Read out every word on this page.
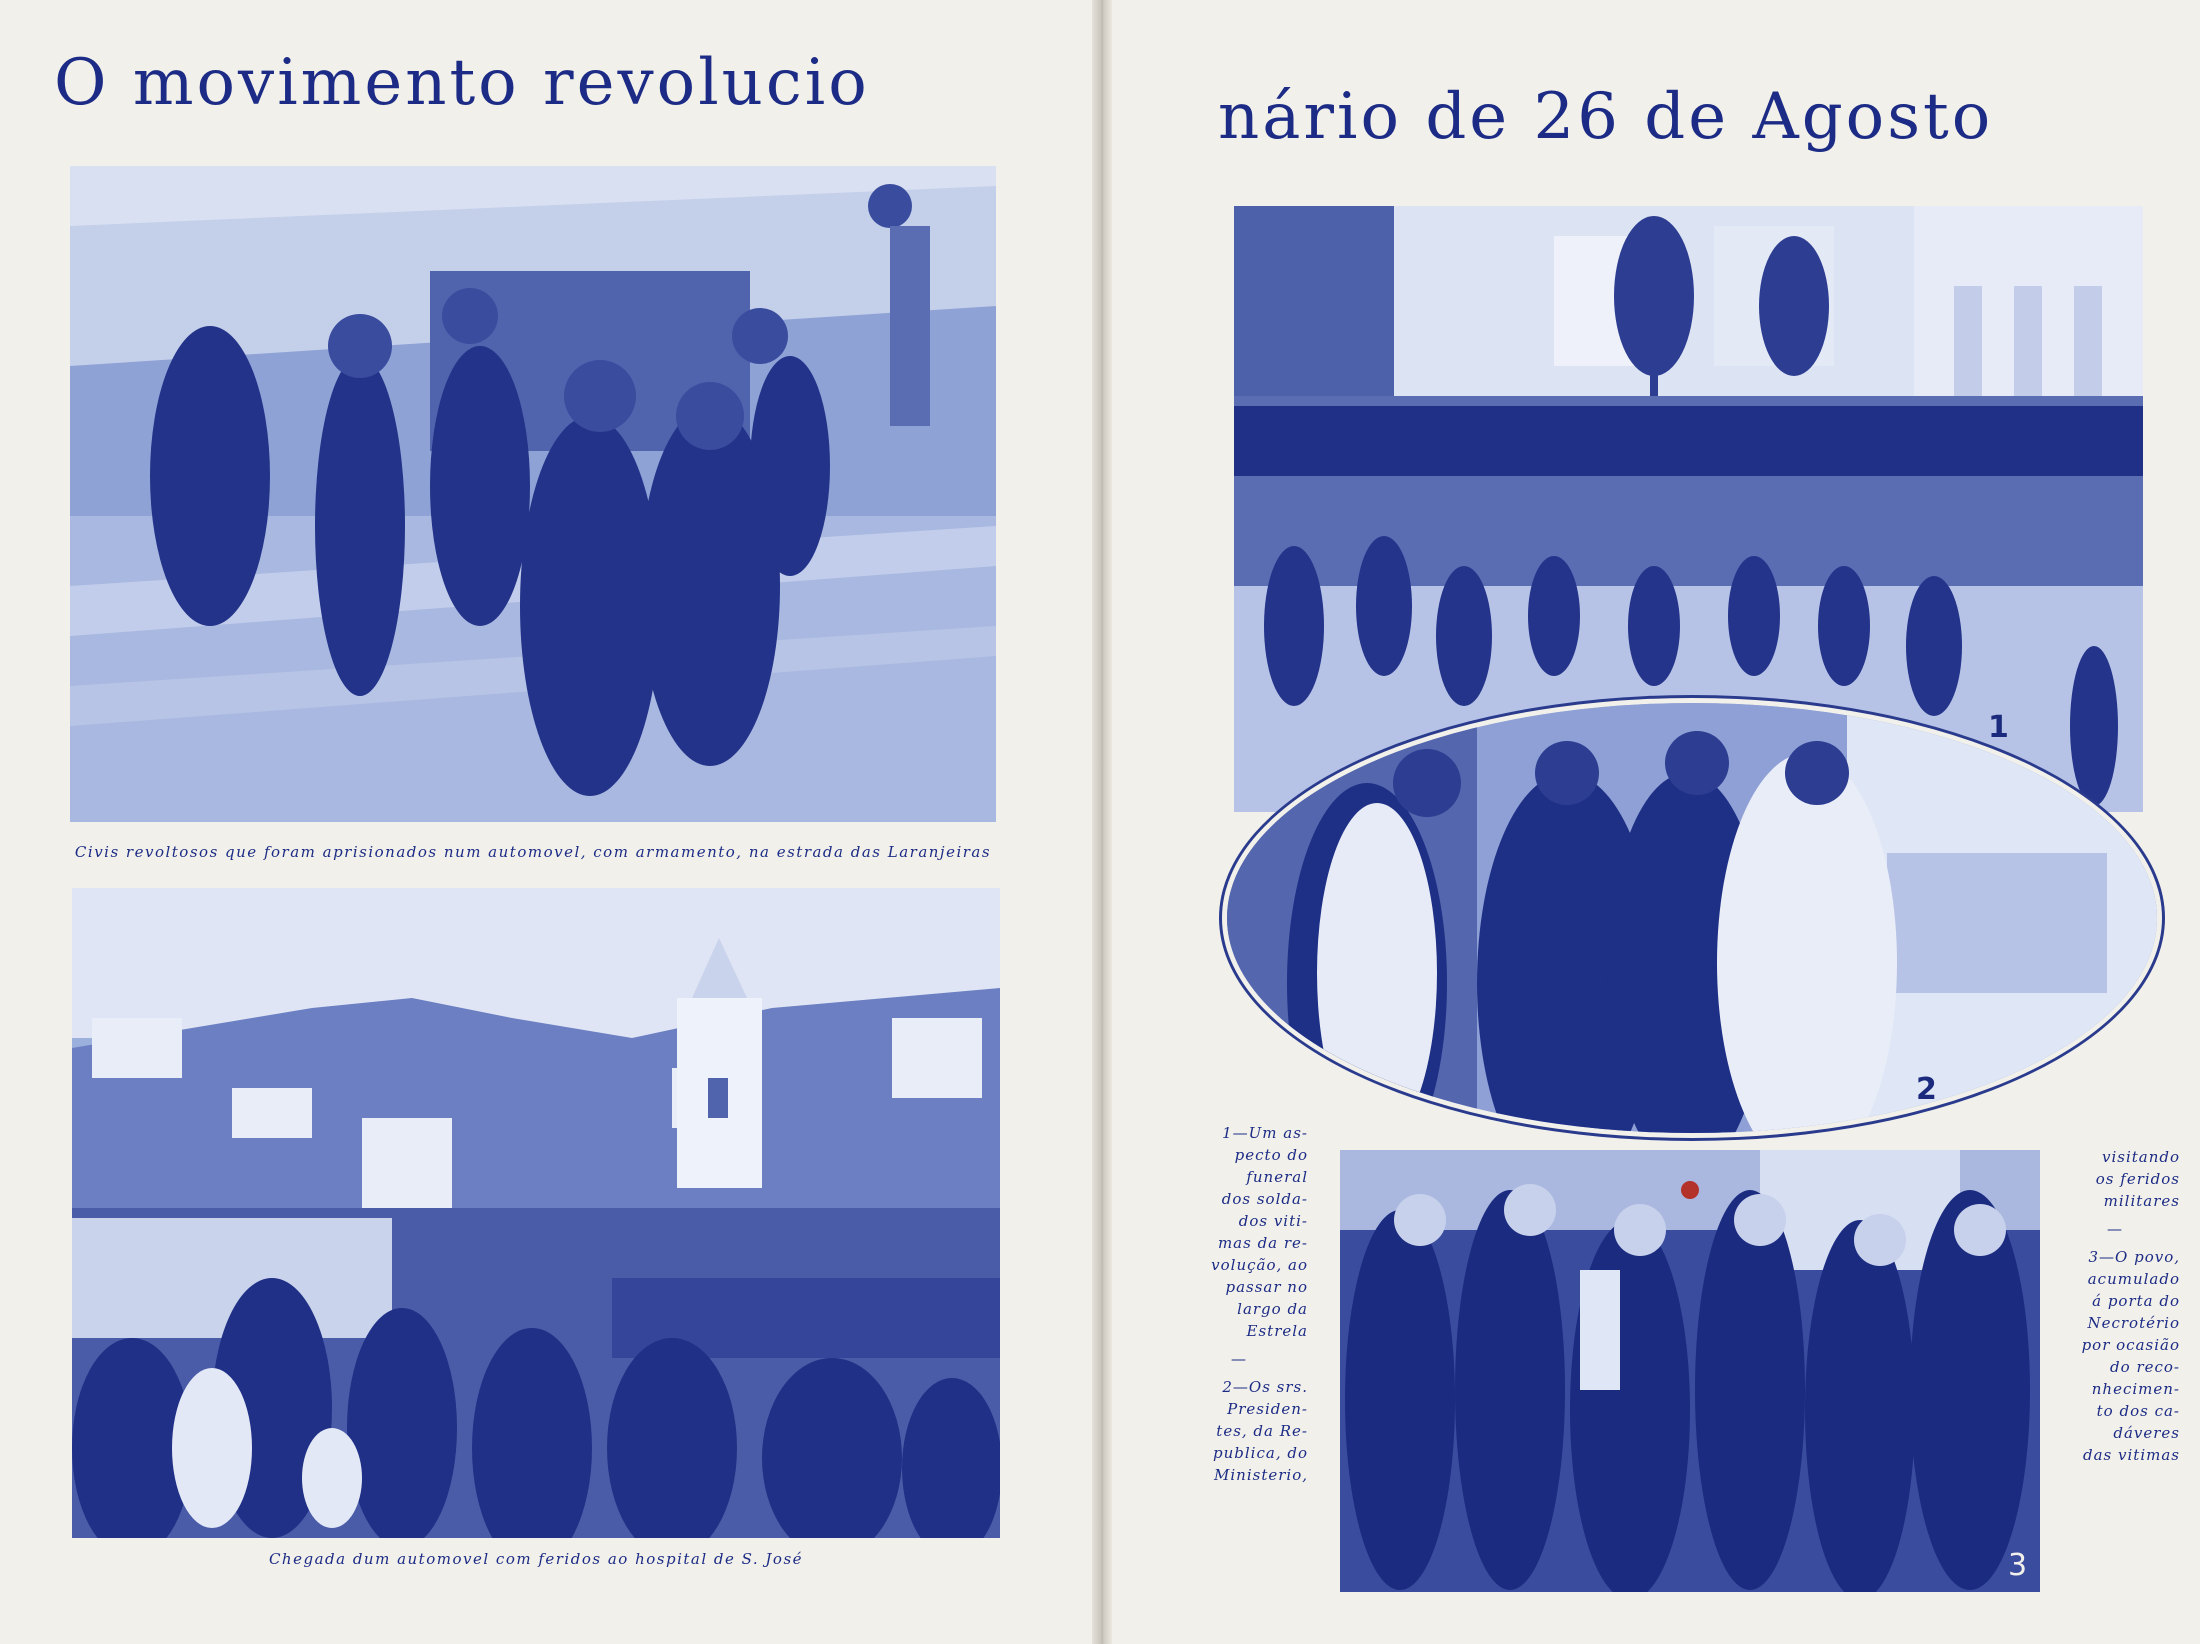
O movimento revolucio	nário de 26 de Agosto

Civis revoltosos que foram aprisionados num automovel, com armamento, na estrada das Laranjeiras

Chegada dum automovel com feridos ao hospital de S. José

1
3
2
1—Um as-
pecto do
funeral
dos solda-
dos viti-
mas da re-
volução, ao
passar no
largo da
Estrela
—
2—Os srs.
Presiden-
tes, da Re-
publica, do
Ministerio,
visitando
os feridos
militares
—
3—O povo,
acumulado
á porta do
Necrotério
por ocasião
do reco-
nhecimen-
to dos ca-
dáveres
das vitimas
